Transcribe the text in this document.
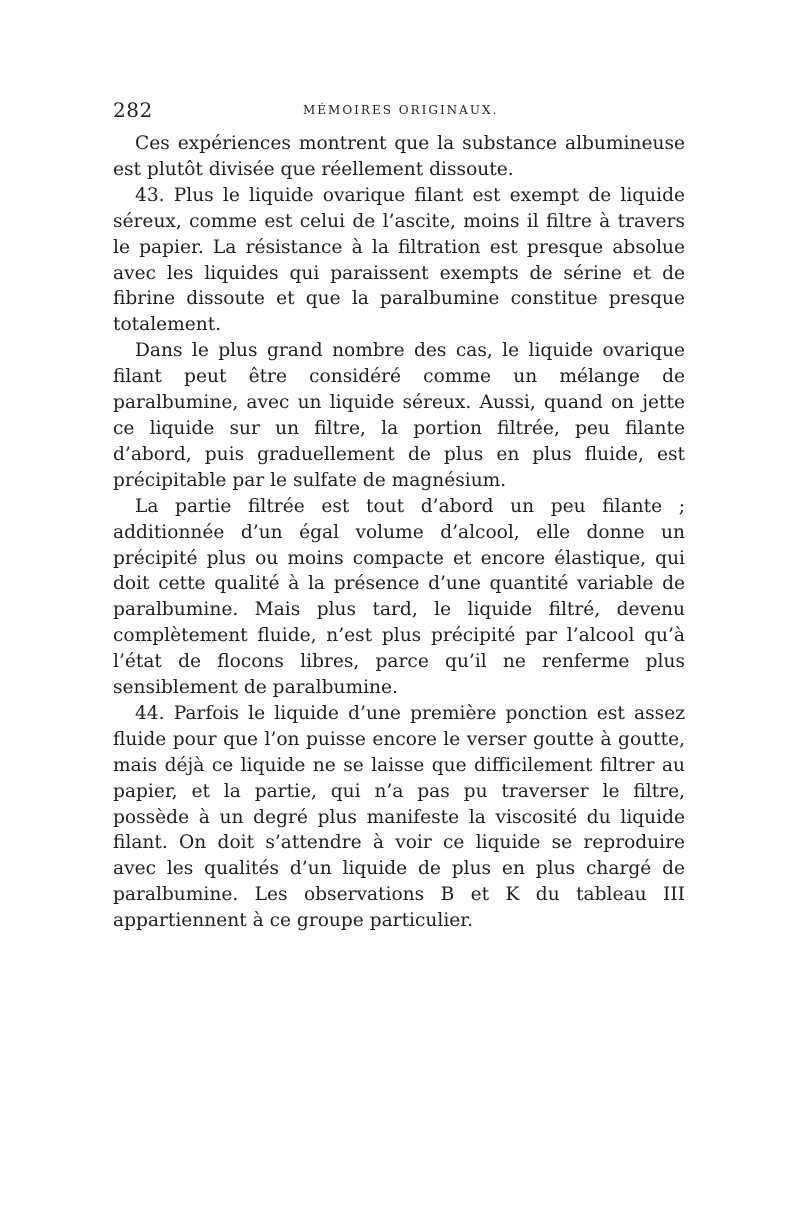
282	MÉMOIRES ORIGINAUX.

Ces expériences montrent que la substance albumineuse est plutôt divisée que réellement dissoute.

43. Plus le liquide ovarique filant est exempt de liquide séreux, comme est celui de l’ascite, moins il filtre à travers le papier. La résistance à la filtration est presque absolue avec les liquides qui paraissent exempts de sérine et de fibrine dissoute et que la paralbumine constitue presque totalement.

Dans le plus grand nombre des cas, le liquide ovarique filant peut être considéré comme un mélange de paralbumine, avec un liquide séreux. Aussi, quand on jette ce liquide sur un filtre, la portion filtrée, peu filante d’abord, puis graduellement de plus en plus fluide, est précipitable par le sulfate de magnésium.

La partie filtrée est tout d’abord un peu filante ; additionnée d’un égal volume d’alcool, elle donne un précipité plus ou moins compacte et encore élastique, qui doit cette qualité à la présence d’une quantité variable de paralbumine. Mais plus tard, le liquide filtré, devenu complètement fluide, n’est plus précipité par l’alcool qu’à l’état de flocons libres, parce qu’il ne renferme plus sensiblement de paralbumine.

44. Parfois le liquide d’une première ponction est assez fluide pour que l’on puisse encore le verser goutte à goutte, mais déjà ce liquide ne se laisse que difficilement filtrer au papier, et la partie, qui n’a pas pu traverser le filtre, possède à un degré plus manifeste la viscosité du liquide filant. On doit s’attendre à voir ce liquide se reproduire avec les qualités d’un liquide de plus en plus chargé de paralbumine. Les observations B et K du tableau III appartiennent à ce groupe particulier.
